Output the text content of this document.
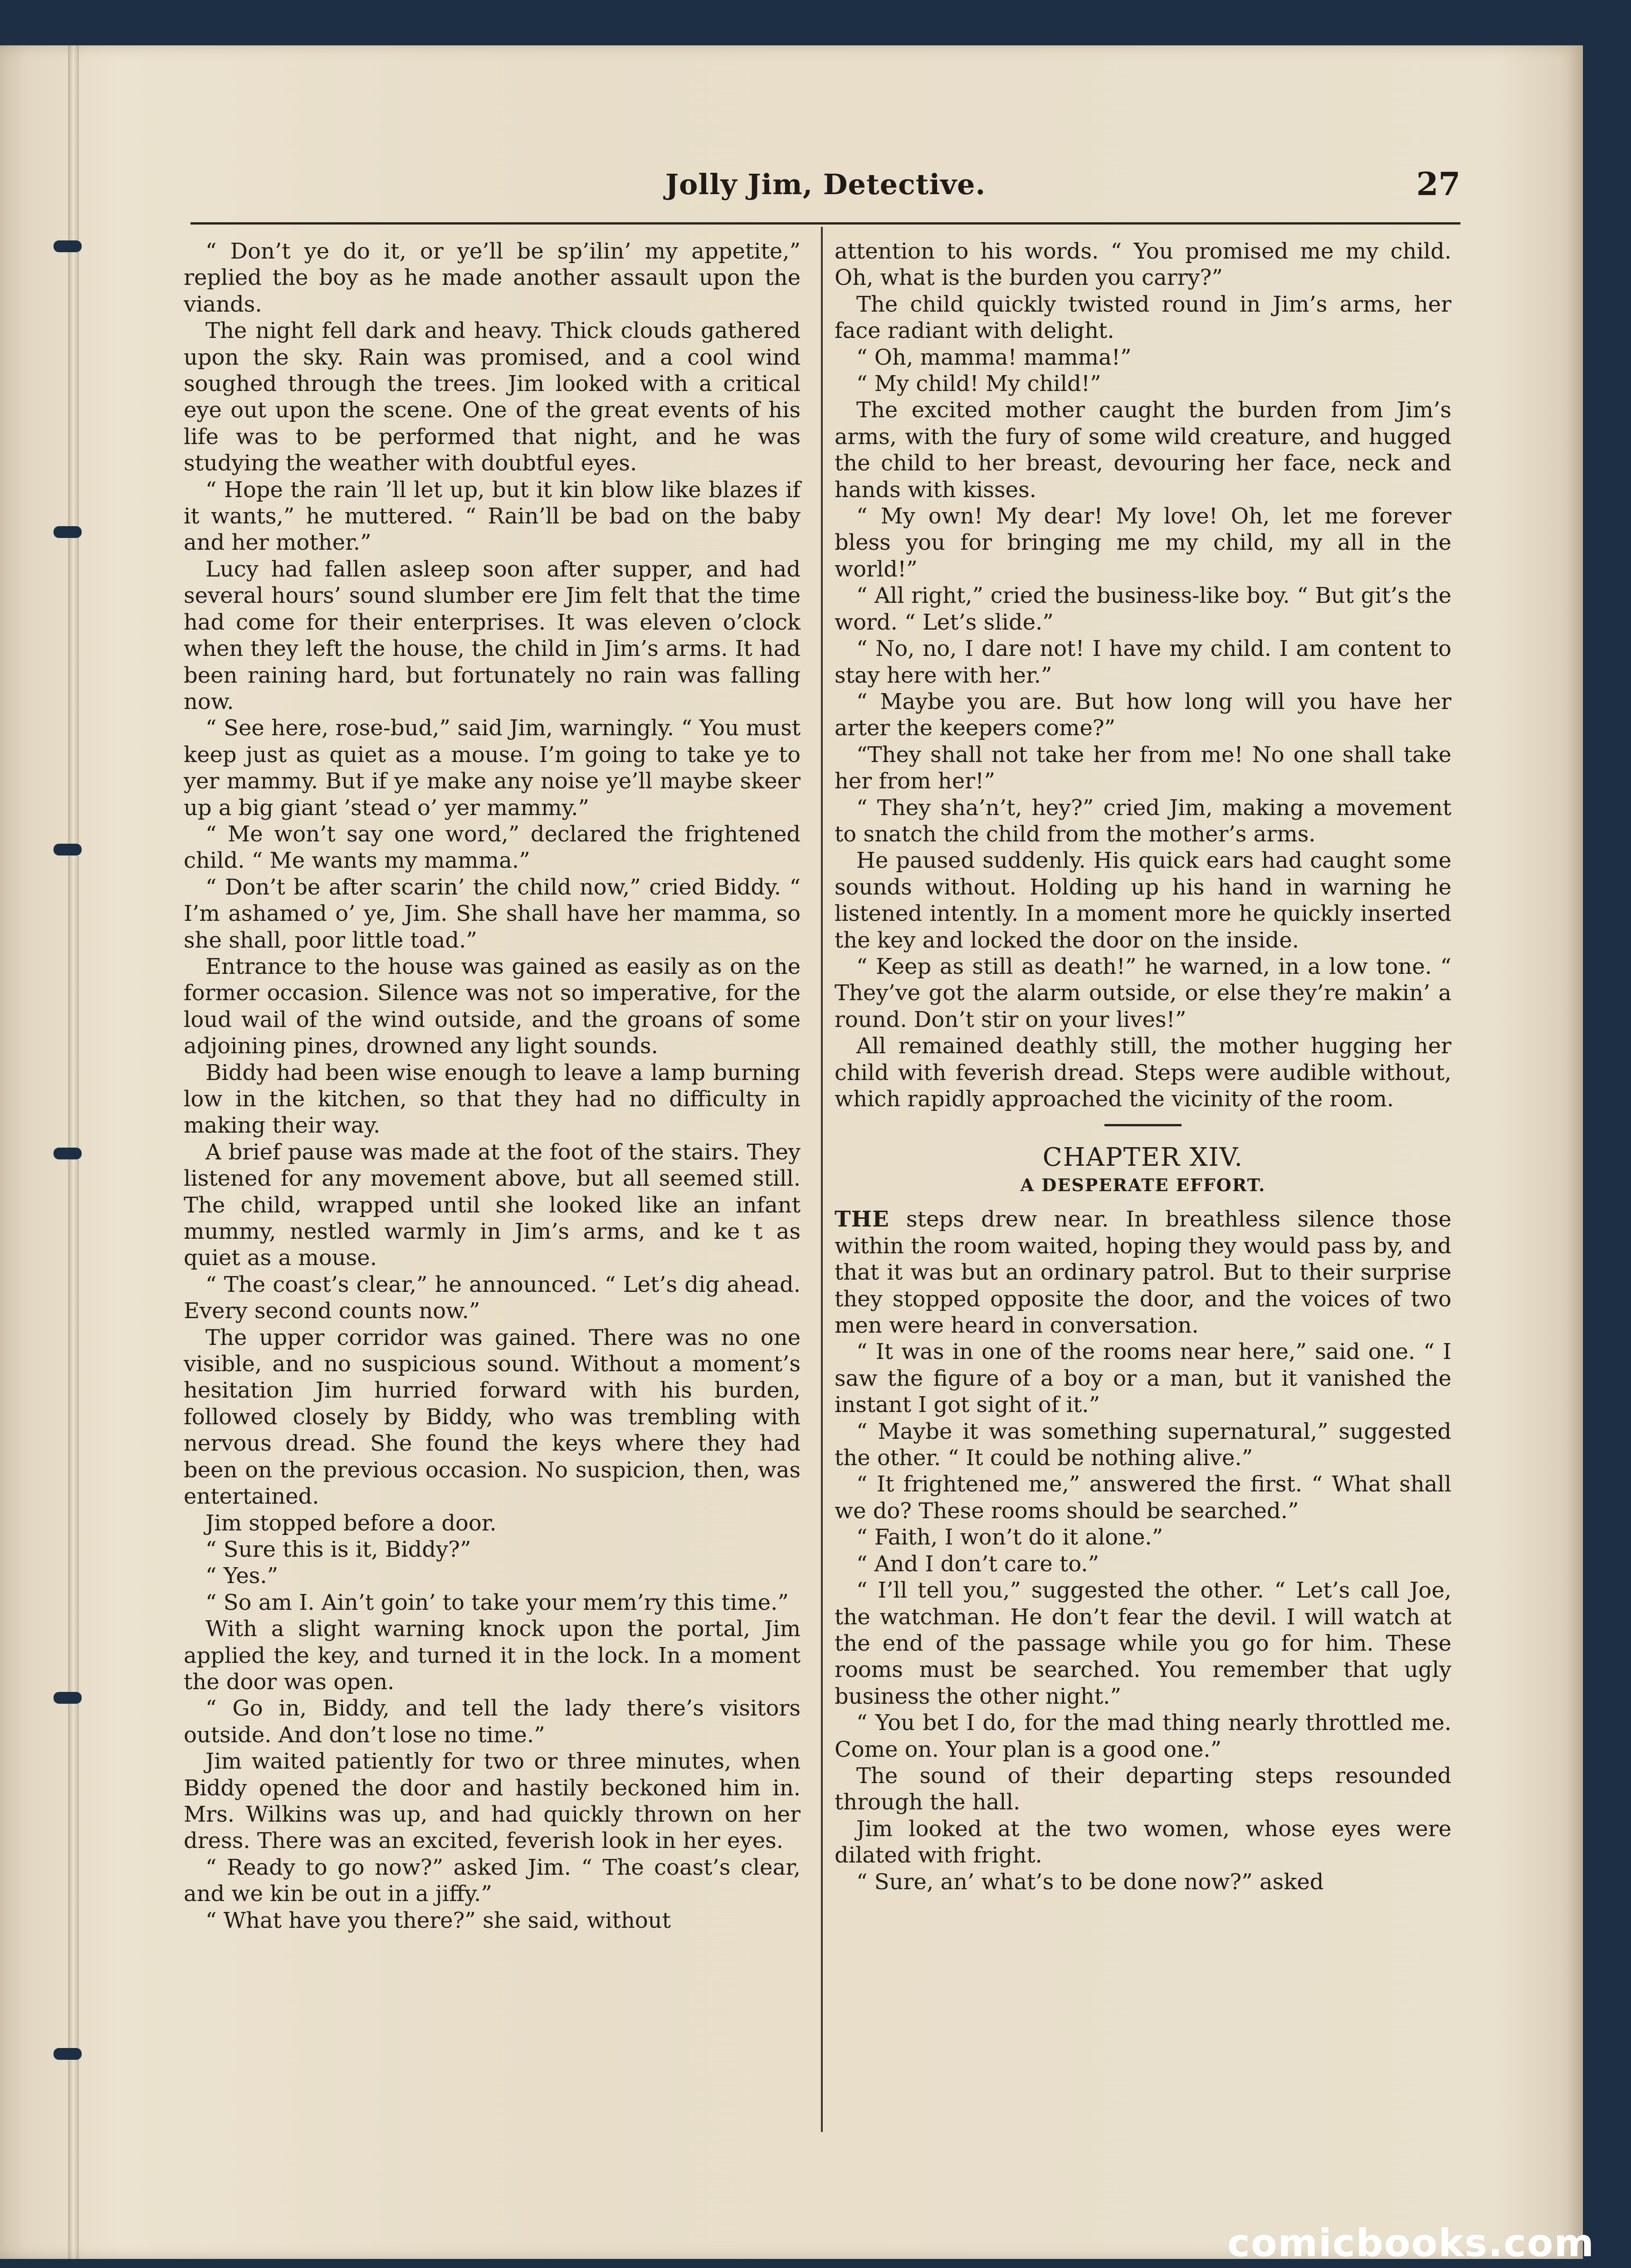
Jolly Jim, Detective.	27

“ Don’t ye do it, or ye’ll be sp’ilin’ my appetite,” replied the boy as he made another assault upon the viands.

The night fell dark and heavy. Thick clouds gathered upon the sky. Rain was promised, and a cool wind soughed through the trees. Jim looked with a critical eye out upon the scene. One of the great events of his life was to be performed that night, and he was studying the weather with doubtful eyes.

“ Hope the rain ’ll let up, but it kin blow like blazes if it wants,” he muttered. “ Rain’ll be bad on the baby and her mother.”

Lucy had fallen asleep soon after supper, and had several hours’ sound slumber ere Jim felt that the time had come for their enterprises. It was eleven o’clock when they left the house, the child in Jim’s arms. It had been raining hard, but fortunately no rain was falling now.

“ See here, rose-bud,” said Jim, warningly. “ You must keep just as quiet as a mouse. I’m going to take ye to yer mammy. But if ye make any noise ye’ll maybe skeer up a big giant ’stead o’ yer mammy.”

“ Me won’t say one word,” declared the frightened child. “ Me wants my mamma.”

“ Don’t be after scarin’ the child now,” cried Biddy. “ I’m ashamed o’ ye, Jim. She shall have her mamma, so she shall, poor little toad.”

Entrance to the house was gained as easily as on the former occasion. Silence was not so imperative, for the loud wail of the wind outside, and the groans of some adjoining pines, drowned any light sounds.

Biddy had been wise enough to leave a lamp burning low in the kitchen, so that they had no difficulty in making their way.

A brief pause was made at the foot of the stairs. They listened for any movement above, but all seemed still. The child, wrapped until she looked like an infant mummy, nestled warmly in Jim’s arms, and ke t as quiet as a mouse.

“ The coast’s clear,” he announced. “ Let’s dig ahead. Every second counts now.”

The upper corridor was gained. There was no one visible, and no suspicious sound. Without a moment’s hesitation Jim hurried forward with his burden, followed closely by Biddy, who was trembling with nervous dread. She found the keys where they had been on the previous occasion. No suspicion, then, was entertained.

Jim stopped before a door.

“ Sure this is it, Biddy?”

“ Yes.”

“ So am I. Ain’t goin’ to take your mem’ry this time.”

With a slight warning knock upon the portal, Jim applied the key, and turned it in the lock. In a moment the door was open.

“ Go in, Biddy, and tell the lady there’s visitors outside. And don’t lose no time.”

Jim waited patiently for two or three minutes, when Biddy opened the door and hastily beckoned him in. Mrs. Wilkins was up, and had quickly thrown on her dress. There was an excited, feverish look in her eyes.

“ Ready to go now?” asked Jim. “ The coast’s clear, and we kin be out in a jiffy.”

“ What have you there?” she said, without

attention to his words. “ You promised me my child. Oh, what is the burden you carry?”

The child quickly twisted round in Jim’s arms, her face radiant with delight.

“ Oh, mamma! mamma!”

“ My child! My child!”

The excited mother caught the burden from Jim’s arms, with the fury of some wild creature, and hugged the child to her breast, devouring her face, neck and hands with kisses.

“ My own! My dear! My love! Oh, let me forever bless you for bringing me my child, my all in the world!”

“ All right,” cried the business-like boy. “ But git’s the word. “ Let’s slide.”

“ No, no, I dare not! I have my child. I am content to stay here with her.”

“ Maybe you are. But how long will you have her arter the keepers come?”

“They shall not take her from me! No one shall take her from her!”

“ They sha’n’t, hey?” cried Jim, making a movement to snatch the child from the mother’s arms.

He paused suddenly. His quick ears had caught some sounds without. Holding up his hand in warning he listened intently. In a moment more he quickly inserted the key and locked the door on the inside.

“ Keep as still as death!” he warned, in a low tone. “ They’ve got the alarm outside, or else they’re makin’ a round. Don’t stir on your lives!”

All remained deathly still, the mother hugging her child with feverish dread. Steps were audible without, which rapidly approached the vicinity of the room.

CHAPTER XIV.
A DESPERATE EFFORT.

THE steps drew near. In breathless silence those within the room waited, hoping they would pass by, and that it was but an ordinary patrol. But to their surprise they stopped opposite the door, and the voices of two men were heard in conversation.

“ It was in one of the rooms near here,” said one. “ I saw the figure of a boy or a man, but it vanished the instant I got sight of it.”

“ Maybe it was something supernatural,” suggested the other. “ It could be nothing alive.”

“ It frightened me,” answered the first. “ What shall we do? These rooms should be searched.”

“ Faith, I won’t do it alone.”

“ And I don’t care to.”

“ I’ll tell you,” suggested the other. “ Let’s call Joe, the watchman. He don’t fear the devil. I will watch at the end of the passage while you go for him. These rooms must be searched. You remember that ugly business the other night.”

“ You bet I do, for the mad thing nearly throttled me. Come on. Your plan is a good one.”

The sound of their departing steps resounded through the hall.

Jim looked at the two women, whose eyes were dilated with fright.

“ Sure, an’ what’s to be done now?” asked

comicbooks.com
